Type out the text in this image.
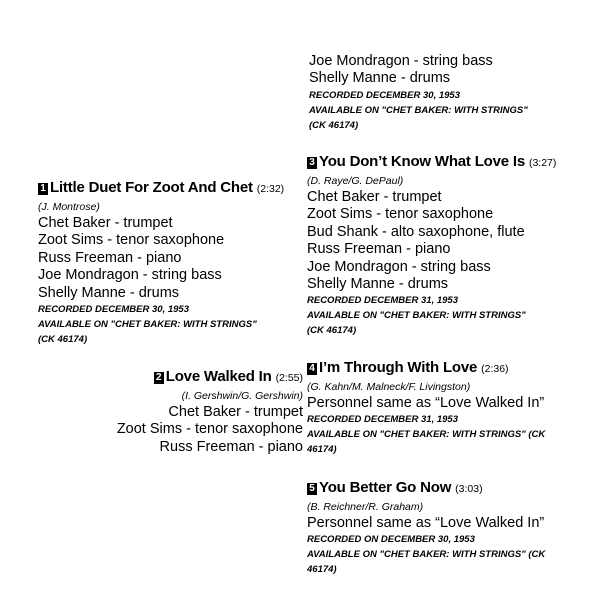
Joe Mondragon - string bass
Shelly Manne - drums
RECORDED DECEMBER 30, 1953
AVAILABLE ON "CHET BAKER: WITH STRINGS"
(CK 46174)
1 Little Duet For Zoot And Chet (2:32)
(J. Montrose)
Chet Baker - trumpet
Zoot Sims - tenor saxophone
Russ Freeman - piano
Joe Mondragon - string bass
Shelly Manne - drums
RECORDED DECEMBER 30, 1953
AVAILABLE ON "CHET BAKER: WITH STRINGS"
(CK 46174)
2 Love Walked In (2:55)
(I. Gershwin/G. Gershwin)
Chet Baker - trumpet
Zoot Sims - tenor saxophone
Russ Freeman - piano
3 You Don’t Know What Love Is (3:27)
(D. Raye/G. DePaul)
Chet Baker - trumpet
Zoot Sims - tenor saxophone
Bud Shank - alto saxophone, flute
Russ Freeman - piano
Joe Mondragon - string bass
Shelly Manne - drums
RECORDED DECEMBER 31, 1953
AVAILABLE ON "CHET BAKER: WITH STRINGS"
(CK 46174)
4 I’m Through With Love (2:36)
(G. Kahn/M. Malneck/F. Livingston)
Personnel same as “Love Walked In”
RECORDED DECEMBER 31, 1953
AVAILABLE ON "CHET BAKER: WITH STRINGS" (CK
46174)
5 You Better Go Now (3:03)
(B. Reichner/R. Graham)
Personnel same as “Love Walked In”
RECORDED ON DECEMBER 30, 1953
AVAILABLE ON "CHET BAKER: WITH STRINGS" (CK
46174)
